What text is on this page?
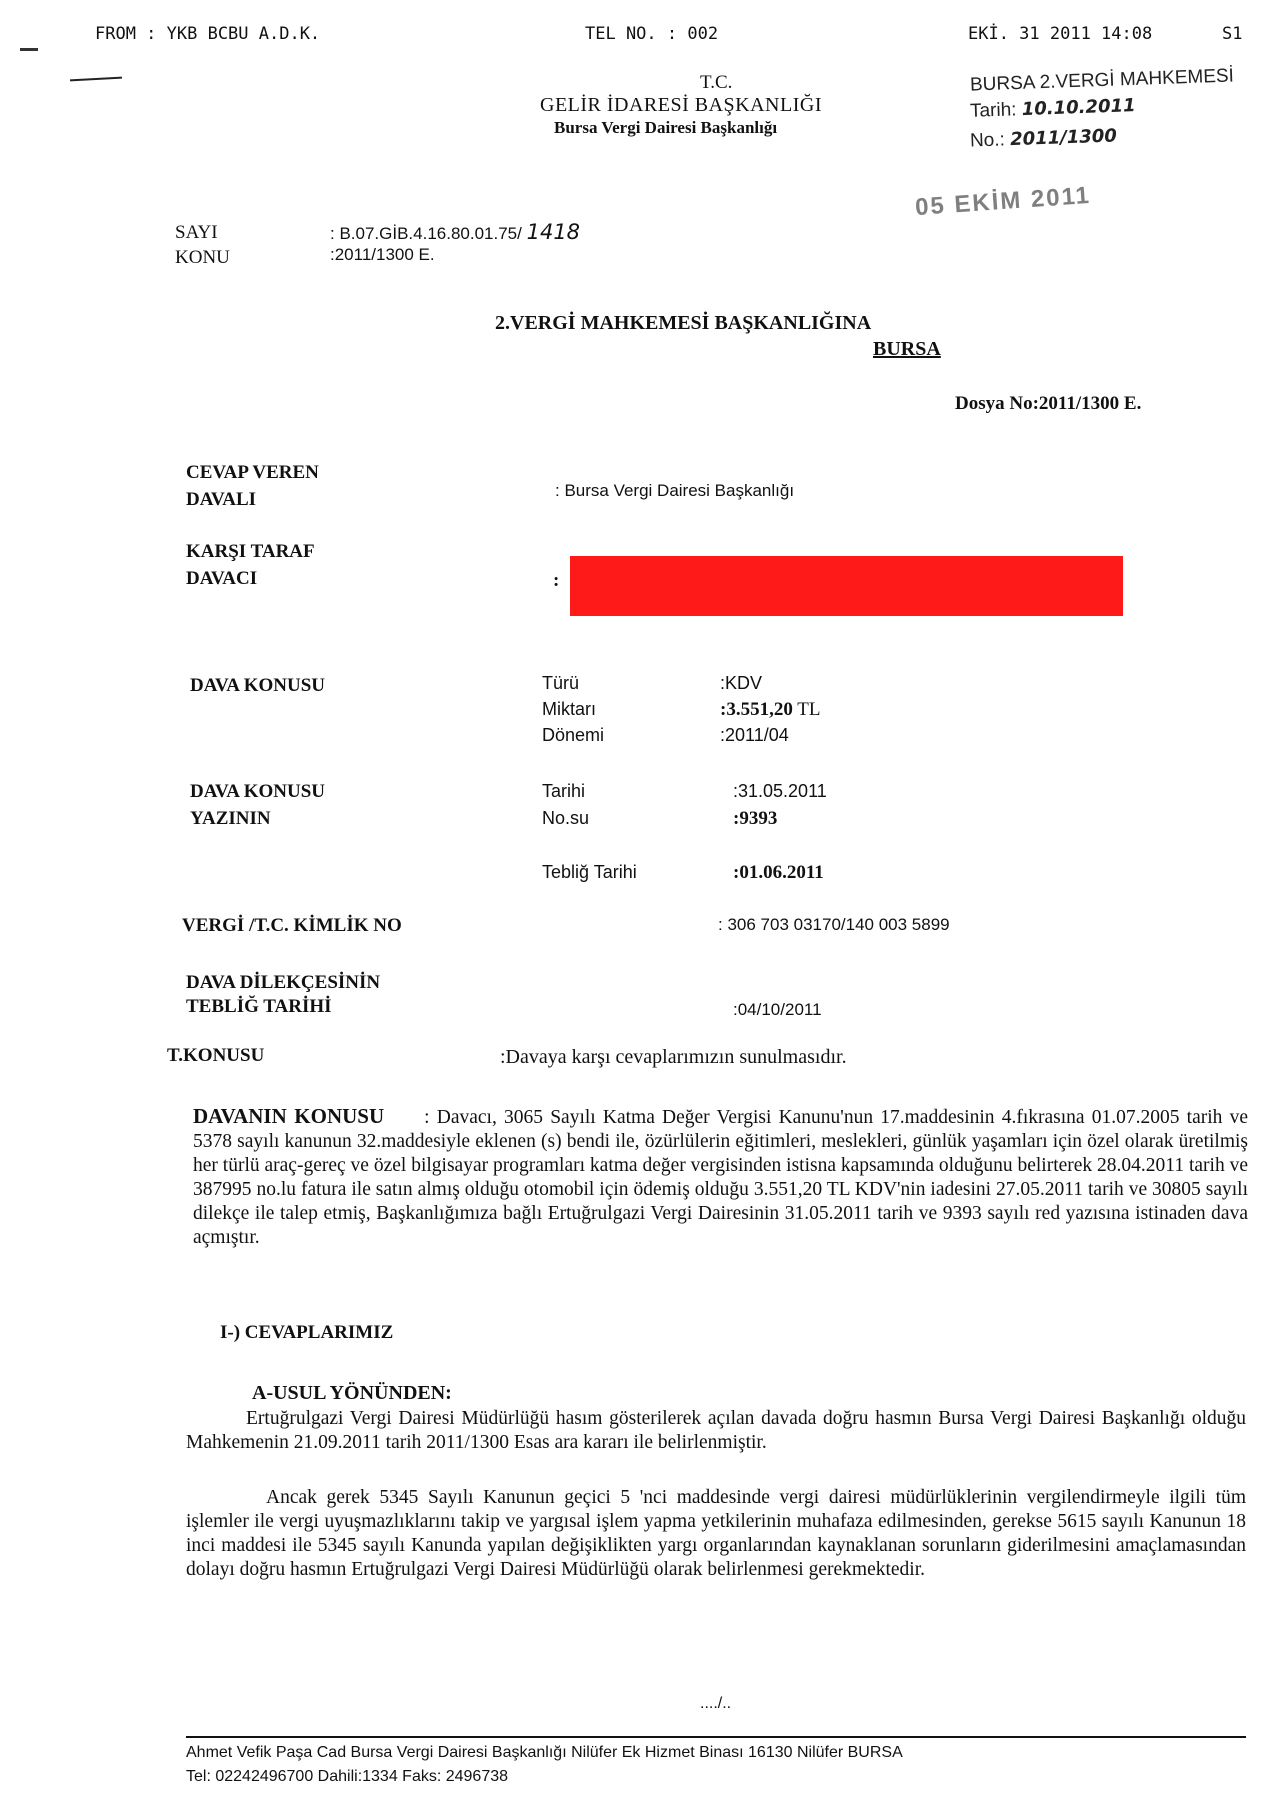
FROM : YKB BCBU A.D.K.	TEL NO. : 002	EKİ. 31 2011 14:08	S1
T.C.
GELİR İDARESİ BAŞKANLIĞI
Bursa Vergi Dairesi Başkanlığı
BURSA 2.VERGİ MAHKEMESİ
Tarih: 10.10.2011
No.: 2011/1300
05 EKİM 2011
SAYI	: B.07.GİB.4.16.80.01.75/ 1418
KONU	:2011/1300 E.
2.VERGİ MAHKEMESİ BAŞKANLIĞINA
BURSA
Dosya No:2011/1300 E.
CEVAP VEREN
DAVALI	: Bursa Vergi Dairesi Başkanlığı
KARŞI TARAF
DAVACI	:
DAVA KONUSU	Türü	:KDV
Miktarı	:3.551,20 TL
Dönemi	:2011/04
DAVA KONUSU
YAZININ
Tarihi	:31.05.2011
No.su	:9393
Tebliğ Tarihi	:01.06.2011
VERGİ /T.C. KİMLİK NO	: 306 703 03170/140 003 5899
DAVA DİLEKÇESİNİN
TEBLİĞ TARİHİ	:04/10/2011
T.KONUSU	:Davaya karşı cevaplarımızın sunulmasıdır.
DAVANIN KONUSU : Davacı, 3065 Sayılı Katma Değer Vergisi Kanunu'nun 17.maddesinin 4.fıkrasına 01.07.2005 tarih ve 5378 sayılı kanunun 32.maddesiyle eklenen (s) bendi ile, özürlülerin eğitimleri, meslekleri, günlük yaşamları için özel olarak üretilmiş her türlü araç-gereç ve özel bilgisayar programları katma değer vergisinden istisna kapsamında olduğunu belirterek 28.04.2011 tarih ve 387995 no.lu fatura ile satın almış olduğu otomobil için ödemiş olduğu 3.551,20 TL KDV'nin iadesini 27.05.2011 tarih ve 30805 sayılı dilekçe ile talep etmiş, Başkanlığımıza bağlı Ertuğrulgazi Vergi Dairesinin 31.05.2011 tarih ve 9393 sayılı red yazısına istinaden dava açmıştır.
I-) CEVAPLARIMIZ
A-USUL YÖNÜNDEN:
Ertuğrulgazi Vergi Dairesi Müdürlüğü hasım gösterilerek açılan davada doğru hasmın Bursa Vergi Dairesi Başkanlığı olduğu Mahkemenin 21.09.2011 tarih 2011/1300 Esas ara kararı ile belirlenmiştir.
Ancak gerek 5345 Sayılı Kanunun geçici 5 'nci maddesinde vergi dairesi müdürlüklerinin vergilendirmeyle ilgili tüm işlemler ile vergi uyuşmazlıklarını takip ve yargısal işlem yapma yetkilerinin muhafaza edilmesinden, gerekse 5615 sayılı Kanunun 18 inci maddesi ile 5345 sayılı Kanunda yapılan değişiklikten yargı organlarından kaynaklanan sorunların giderilmesini amaçlamasından dolayı doğru hasmın Ertuğrulgazi Vergi Dairesi Müdürlüğü olarak belirlenmesi gerekmektedir.
..../..
Ahmet Vefik Paşa Cad Bursa Vergi Dairesi Başkanlığı Nilüfer Ek Hizmet Binası 16130 Nilüfer BURSA
Tel: 02242496700 Dahili:1334 Faks: 2496738
